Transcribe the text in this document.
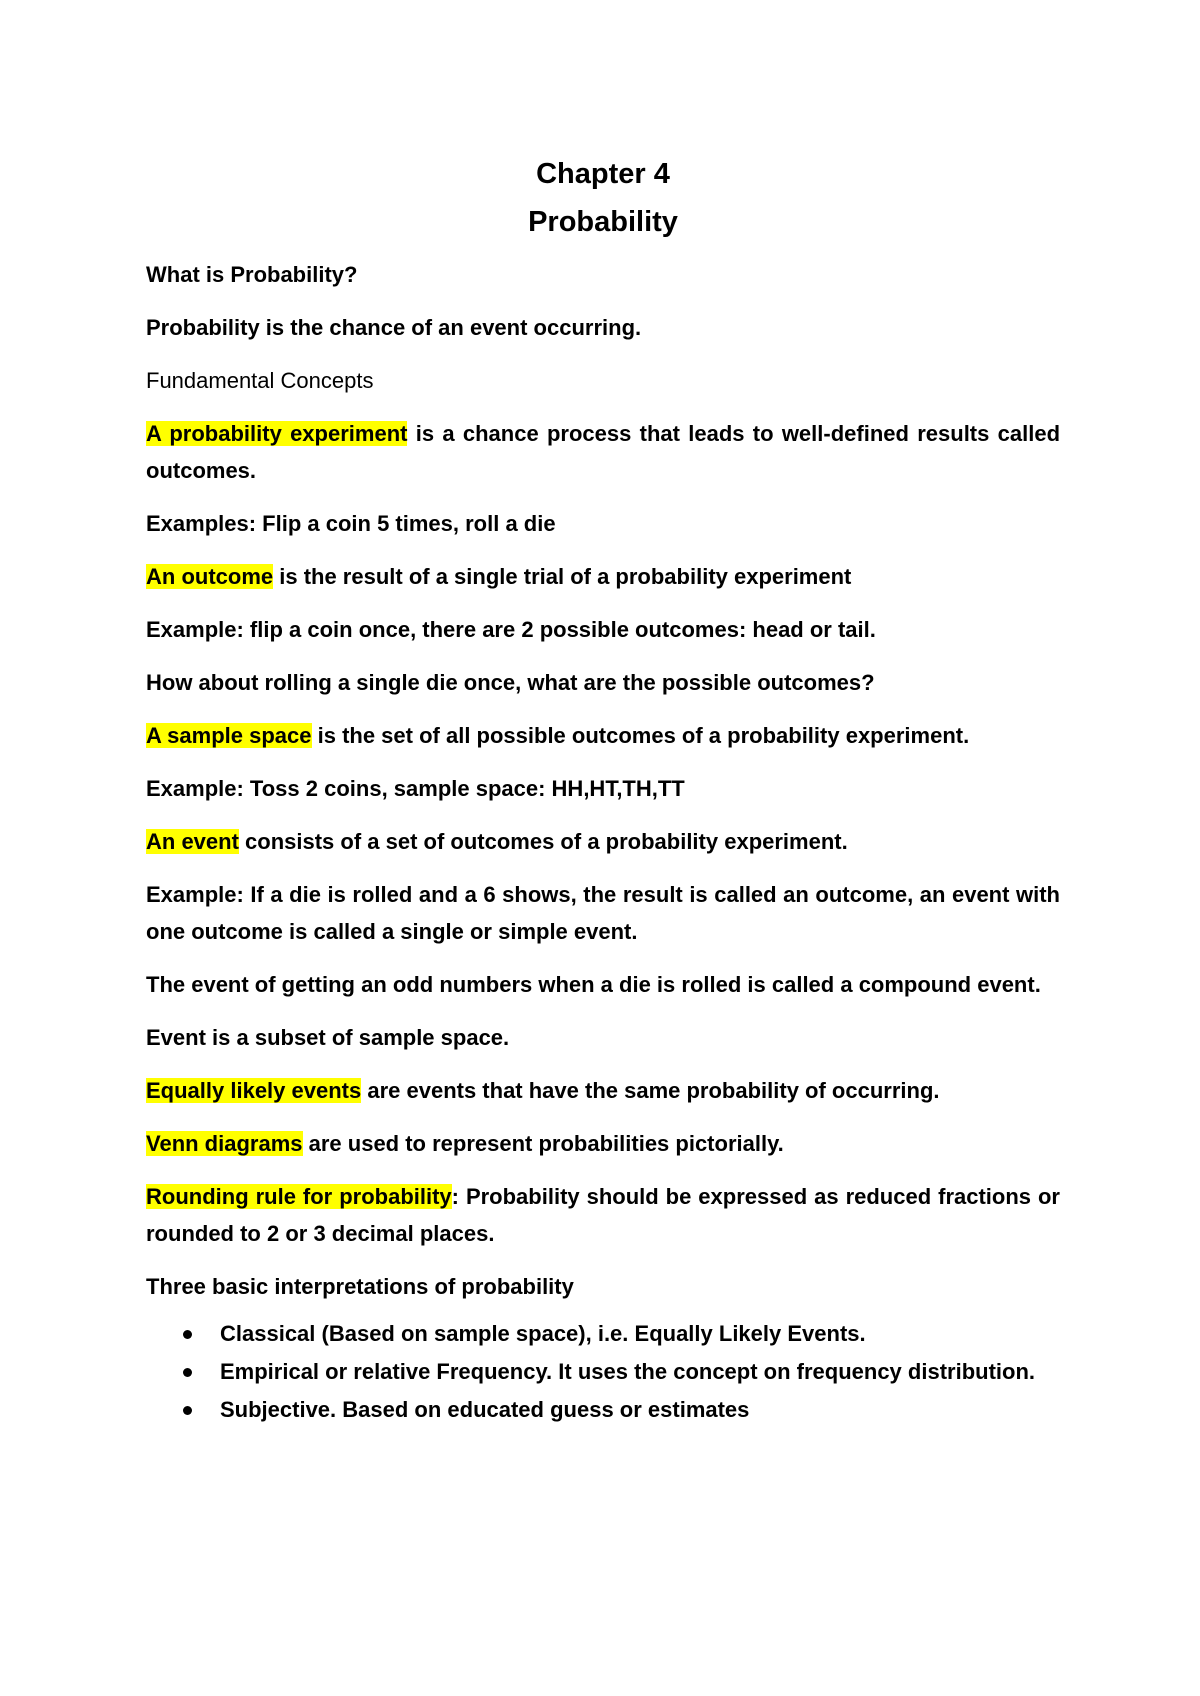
Chapter 4
Probability

What is Probability?

Probability is the chance of an event occurring.

Fundamental Concepts

A probability experiment is a chance process that leads to well-defined results called outcomes.

Examples: Flip a coin 5 times, roll a die

An outcome is the result of a single trial of a probability experiment

Example: flip a coin once, there are 2 possible outcomes: head or tail.

How about rolling a single die once, what are the possible outcomes?

A sample space is the set of all possible outcomes of a probability experiment.

Example: Toss 2 coins, sample space: HH,HT,TH,TT

An event consists of a set of outcomes of a probability experiment.

Example: If a die is rolled and a 6 shows, the result is called an outcome, an event with one outcome is called a single or simple event.

The event of getting an odd numbers when a die is rolled is called a compound event.

Event is a subset of sample space.

Equally likely events are events that have the same probability of occurring.

Venn diagrams are used to represent probabilities pictorially.

Rounding rule for probability: Probability should be expressed as reduced fractions or rounded to 2 or 3 decimal places.

Three basic interpretations of probability

Classical (Based on sample space), i.e. Equally Likely Events.
Empirical or relative Frequency. It uses the concept on frequency distribution.
Subjective. Based on educated guess or estimates
